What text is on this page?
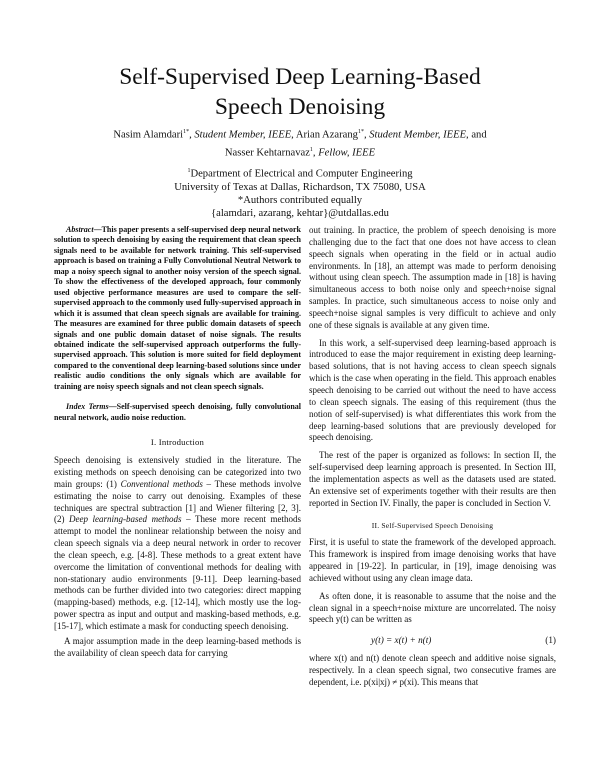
Self-Supervised Deep Learning-Based
Speech Denoising
Nasim Alamdari$^{1*}$, Student Member, IEEE, Arian Azarang$^{1*}$, Student Member, IEEE, and
Nasser Kehtarnavaz$^1$, Fellow, IEEE
$^1$Department of Electrical and Computer Engineering
University of Texas at Dallas, Richardson, TX 75080, USA
*Authors contributed equally
{alamdari, azarang, kehtar}@utdallas.edu

Abstract—This paper presents a self-supervised deep neural network solution to speech denoising by easing the requirement that clean speech signals need to be available for network training. This self-supervised approach is based on training a Fully Convolutional Neutral Network to map a noisy speech signal to another noisy version of the speech signal. To show the effectiveness of the developed approach, four commonly used objective performance measures are used to compare the self-supervised approach to the commonly used fully-supervised approach in which it is assumed that clean speech signals are available for training. The measures are examined for three public domain datasets of speech signals and one public domain dataset of noise signals. The results obtained indicate the self-supervised approach outperforms the fully-supervised approach. This solution is more suited for field deployment compared to the conventional deep learning-based solutions since under realistic audio conditions the only signals which are available for training are noisy speech signals and not clean speech signals.

Index Terms—Self-supervised speech denoising, fully convolutional neural network, audio noise reduction.

I. Introduction

Speech denoising is extensively studied in the literature. The existing methods on speech denoising can be categorized into two main groups: (1) Conventional methods – These methods involve estimating the noise to carry out denoising. Examples of these techniques are spectral subtraction [1] and Wiener filtering [2, 3]. (2) Deep learning-based methods – These more recent methods attempt to model the nonlinear relationship between the noisy and clean speech signals via a deep neural network in order to recover the clean speech, e.g. [4-8]. These methods to a great extent have overcome the limitation of conventional methods for dealing with non-stationary audio environments [9-11]. Deep learning-based methods can be further divided into two categories: direct mapping (mapping-based) methods, e.g. [12-14], which mostly use the log-power spectra as input and output and masking-based methods, e.g. [15-17], which estimate a mask for conducting speech denoising.

A major assumption made in the deep learning-based methods is the availability of clean speech data for carrying

out training. In practice, the problem of speech denoising is more challenging due to the fact that one does not have access to clean speech signals when operating in the field or in actual audio environments. In [18], an attempt was made to perform denoising without using clean speech. The assumption made in [18] is having simultaneous access to both noise only and speech+noise signal samples. In practice, such simultaneous access to noise only and speech+noise signal samples is very difficult to achieve and only one of these signals is available at any given time.

In this work, a self-supervised deep learning-based approach is introduced to ease the major requirement in existing deep learning-based solutions, that is not having access to clean speech signals which is the case when operating in the field. This approach enables speech denoising to be carried out without the need to have access to clean speech signals. The easing of this requirement (thus the notion of self-supervised) is what differentiates this work from the deep learning-based solutions that are previously developed for speech denoising.

The rest of the paper is organized as follows: In section II, the self-supervised deep learning approach is presented. In Section III, the implementation aspects as well as the datasets used are stated. An extensive set of experiments together with their results are then reported in Section IV. Finally, the paper is concluded in Section V.

II. Self-Supervised Speech Denoising

First, it is useful to state the framework of the developed approach. This framework is inspired from image denoising works that have appeared in [19-22]. In particular, in [19], image denoising was achieved without using any clean image data.

As often done, it is reasonable to assume that the noise and the clean signal in a speech+noise mixture are uncorrelated. The noisy speech y(t) can be written as

y(t) = x(t) + n(t)	(1)

where x(t) and n(t) denote clean speech and additive noise signals, respectively. In a clean speech signal, two consecutive frames are dependent, i.e. p(xi|xj) ≠ p(xi). This means that
